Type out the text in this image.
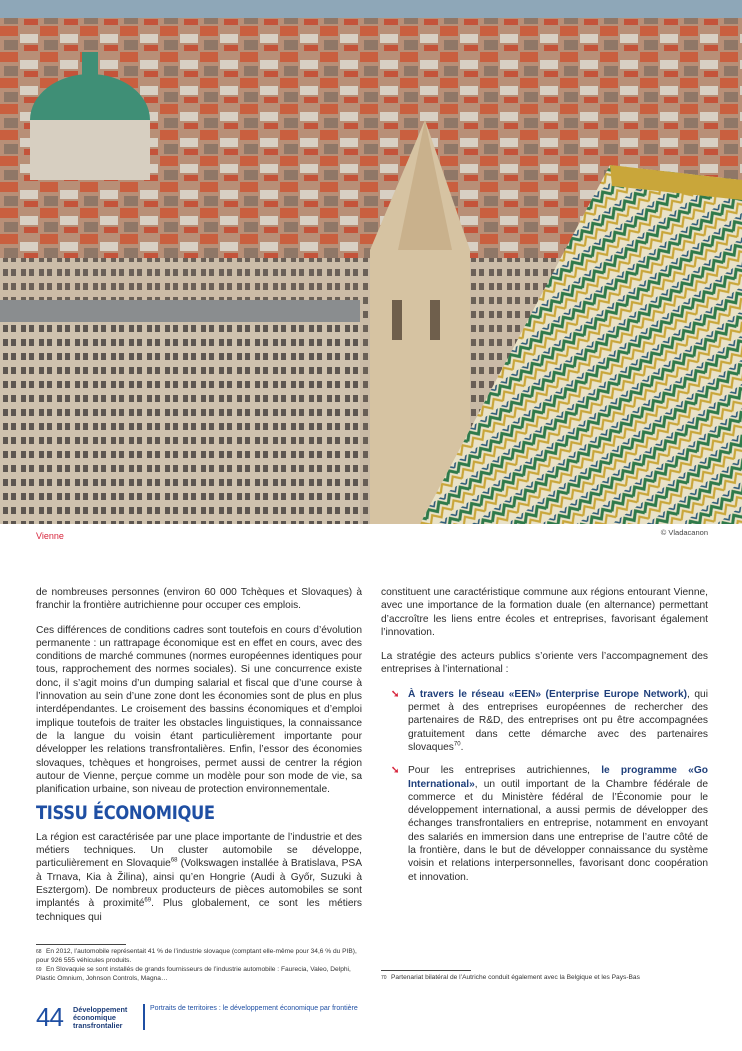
Vienne	© Vladacanon

de nombreuses personnes (environ 60 000 Tchèques et Slovaques) à franchir la frontière autrichienne pour occuper ces emplois.

Ces différences de conditions cadres sont toutefois en cours d’évolution permanente : un rattrapage économique est en effet en cours, avec des conditions de marché communes (normes européennes identiques pour tous, rapprochement des normes sociales). Si une concurrence existe donc, il s’agit moins d’un dumping salarial et fiscal que d’une course à l’innovation au sein d’une zone dont les économies sont de plus en plus interdépendantes. Le croisement des bassins économiques et d’emploi implique toutefois de traiter les obstacles linguistiques, la connaissance de la langue du voisin étant particulièrement importante pour développer les relations transfrontalières. Enfin, l’essor des économies slovaques, tchèques et hongroises, permet aussi de centrer la région autour de Vienne, perçue comme un modèle pour son mode de vie, sa planification urbaine, son niveau de protection environnementale.

TISSU ÉCONOMIQUE

La région est caractérisée par une place importante de l’industrie et des métiers techniques. Un cluster automobile se développe, particulièrement en Slovaquie$^{68}$ (Volkswagen installée à Bratislava, PSA à Trnava, Kia à Žilina), ainsi qu’en Hongrie (Audi à Győr, Suzuki à Esztergom). De nombreux producteurs de pièces automobiles se sont implantés à proximité$^{69}$. Plus globalement, ce sont les métiers techniques qui

constituent une caractéristique commune aux régions entourant Vienne, avec une importance de la formation duale (en alternance) permettant d’accroître les liens entre écoles et entreprises, favorisant également l’innovation.

La stratégie des acteurs publics s’oriente vers l’accompagnement des entreprises à l’international :

➘ À travers le réseau «EEN» (Enterprise Europe Network), qui permet à des entreprises européennes de rechercher des partenaires de R&D, des entreprises ont pu être accompagnées gratuitement dans cette démarche avec des partenaires slovaques$^{70}$.
➘ Pour les entreprises autrichiennes, le programme «Go International», un outil important de la Chambre fédérale de commerce et du Ministère fédéral de l’Économie pour le développement international, a aussi permis de développer des échanges transfrontaliers en entreprise, notamment en envoyant des salariés en immersion dans une entreprise de l’autre côté de la frontière, dans le but de développer connaissance du système voisin et relations interpersonnelles, favorisant donc coopération et innovation.
68 En 2012, l’automobile représentait 41 % de l’industrie slovaque (comptant elle-même pour 34,6 % du PIB), pour 926 555 véhicules produits.
69 En Slovaquie se sont installés de grands fournisseurs de l’industrie automobile : Faurecia, Valeo, Delphi, Plastic Omnium, Johnson Controls, Magna…	70 Partenariat bilatéral de l’Autriche conduit également avec la Belgique et les Pays-Bas
44 Développement
économique
transfrontalier
Portraits de territoires : le développement économique par frontière
